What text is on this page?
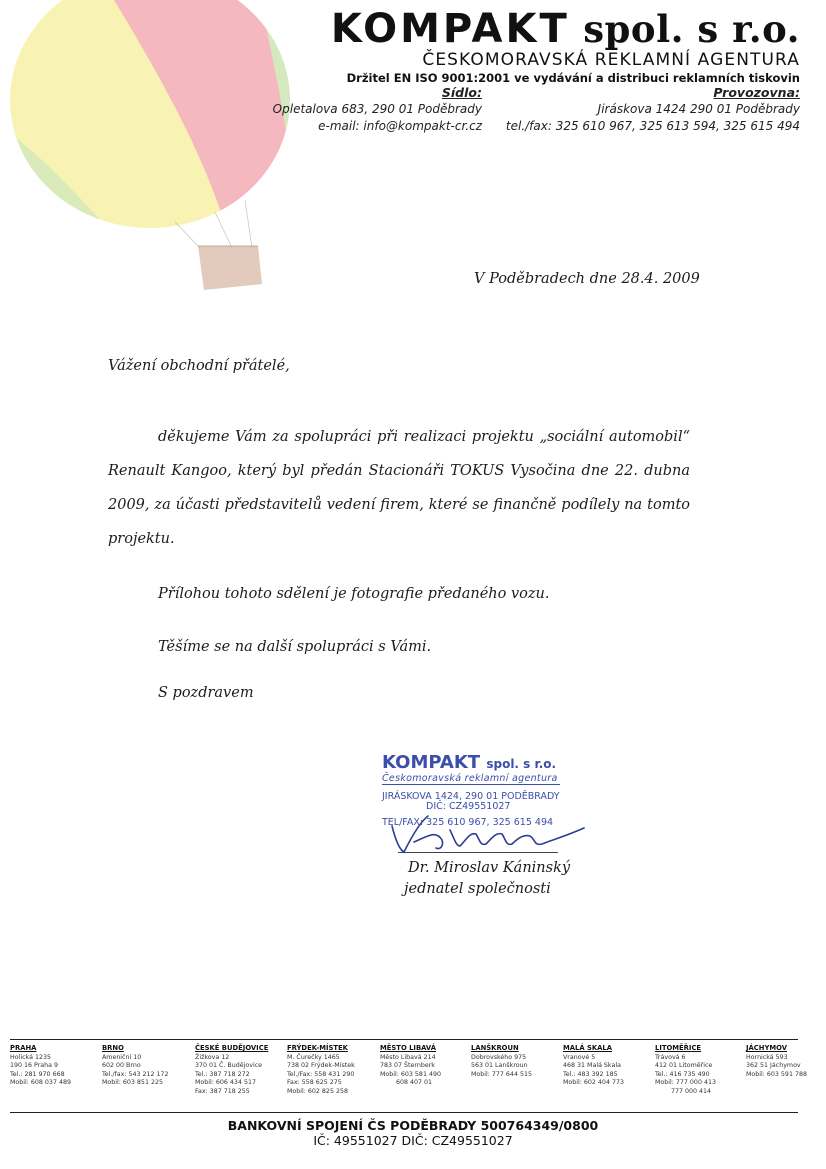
KOMPAKT spol. s r.o.
ČESKOMORAVSKÁ REKLAMNÍ AGENTURA
Držitel EN ISO 9001:2001 ve vydávání a distribuci reklamních tiskovin
Sídlo:
Opletalova 683, 290 01 Poděbrady
e-mail: info@kompakt-cr.cz
Provozovna:
Jiráskova 1424 290 01 Poděbrady
tel./fax: 325 610 967, 325 613 594, 325 615 494
V Poděbradech dne 28.4. 2009
Vážení obchodní přátelé,
děkujeme Vám za spolupráci při realizaci projektu „sociální automobil“
Renault Kangoo, který byl předán Stacionáři TOKUS Vysočina dne 22. dubna
2009, za účasti představitelů vedení firem, které se finančně podílely na tomto
projektu.
Přílohou tohoto sdělení je fotografie předaného vozu.
Těšíme se na další spolupráci s Vámi.
S pozdravem
KOMPAKT spol. s r.o.
Českomoravská reklamní agentura
JIRÁSKOVA 1424, 290 01 PODĚBRADY
DIČ: CZ49551027
TEL/FAX: 325 610 967, 325 615 494
Dr. Miroslav Káninský
jednatel společnosti
PRAHA
Holická 1235
190 16 Praha 9
Tel.: 281 970 668
Mobil: 608 037 489
BRNO
Ameniční 10
602 00 Brno
Tel./fax: 543 212 172
Mobil: 603 851 225
ČESKÉ BUDĚJOVICE
Žižkova 12
370 01 Č. Budějovice
Tel.: 387 718 272
Mobil: 606 434 517
Fax: 387 718 255
FRÝDEK-MÍSTEK
M. Čurečky 1465
738 02 Frýdek-Místek
Tel./Fax: 558 431 290
Fax: 558 625 275
Mobil: 602 825 258
MĚSTO LIBAVÁ
Město Libavá 214
783 07 Šternberk
Mobil: 603 581 490
608 407 01
LANŠKROUN
Dobrovského 975
563 01 Lanškroun
Mobil: 777 644 515
MALÁ SKALA
Vranové 5
468 31 Malá Skala
Tel.: 483 392 185
Mobil: 602 404 773
LITOMĚŘICE
Trávová 6
412 01 Litoměřice
Tel.: 416 735 490
Mobil: 777 000 413
777 000 414
JÁCHYMOV
Hornická 593
362 51 Jáchymov
Mobil: 603 591 788
BANKOVNÍ SPOJENÍ ČS PODĚBRADY 500764349/0800
IČ: 49551027 DIČ: CZ49551027
